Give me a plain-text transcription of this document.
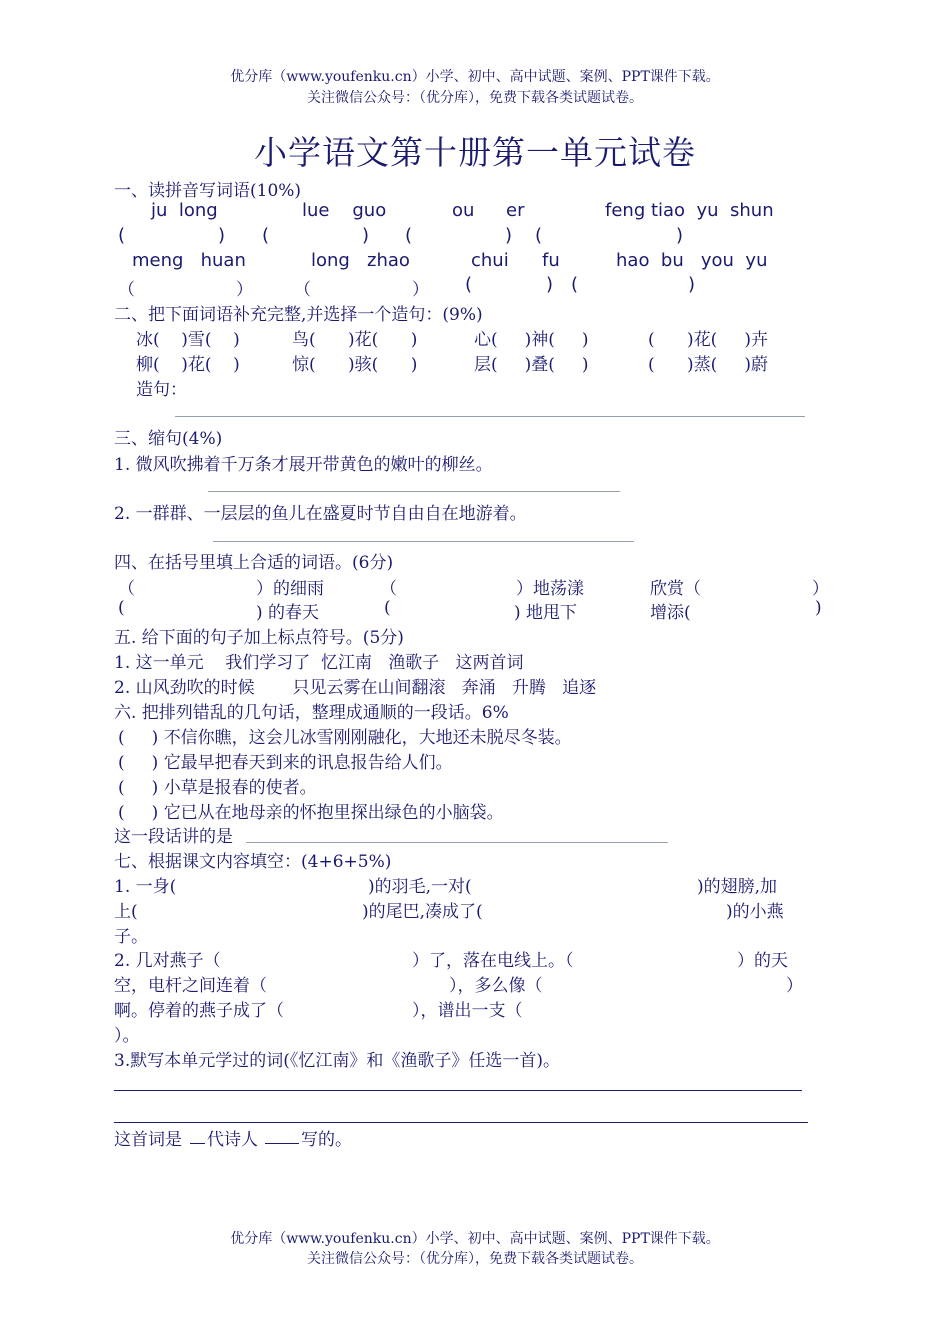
优分库（www.youfenku.cn）小学、初中、高中试题、案例、PPT课件下载。
关注微信公众号：（优分库），免费下载各类试题试卷。
小学语文第十册第一单元试卷
一、读拼音写词语(10%)
ju  long	lue    guo	ou er	feng tiao  yu  shun
(	) (	) (	) (	)
meng   huan	long   zhao	chui fu	hao  bu   you  yu
（	） （	） (	) (	)
二、把下面词语补充完整,并选择一个造句：(9%)
冰(    )雪(    )	鸟(      )花(      )	心(     )神(     )	(      )花(     )卉
柳(    )花(    )	惊(      )骇(      )	层(     )叠(     )	(      )蒸(     )蔚
造句：
三、缩句(4%)
1. 微风吹拂着千万条才展开带黄色的嫩叶的柳丝。
2. 一群群、一层层的鱼儿在盛夏时节自由自在地游着。
四、在括号里填上合适的词语。(6分)
（	）的细雨	（	）地荡漾	欣赏（	）
(	) 的春天	(	) 地甩下	增添(	)
五. 给下面的句子加上标点符号。(5分)
1. 这一单元    我们学习了  忆江南   渔歌子   这两首词
2. 山风劲吹的时候       只见云雾在山间翻滚   奔涌   升腾   追逐
六. 把排列错乱的几句话，整理成通顺的一段话。6%
(     ) 不信你瞧，这会儿冰雪刚刚融化，大地还未脱尽冬装。
(     ) 它最早把春天到来的讯息报告给人们。
(     ) 小草是报春的使者。
(     ) 它已从在地母亲的怀抱里探出绿色的小脑袋。
这一段话讲的是
七、根据课文内容填空：(4+6+5%)
1. 一身(	)的羽毛,一对(	)的翅膀,加
上(	)的尾巴,凑成了(	)的小燕
子。
2. 几对燕子（	）了，落在电线上。（	）的天
空，电杆之间连着（	），多么像（	）
啊。停着的燕子成了（	），谱出一支（
）。
3.默写本单元学过的词(《忆江南》和《渔歌子》任选一首)。
这首词是 代诗人	写的。
优分库（www.youfenku.cn）小学、初中、高中试题、案例、PPT课件下载。
关注微信公众号：（优分库），免费下载各类试题试卷。
